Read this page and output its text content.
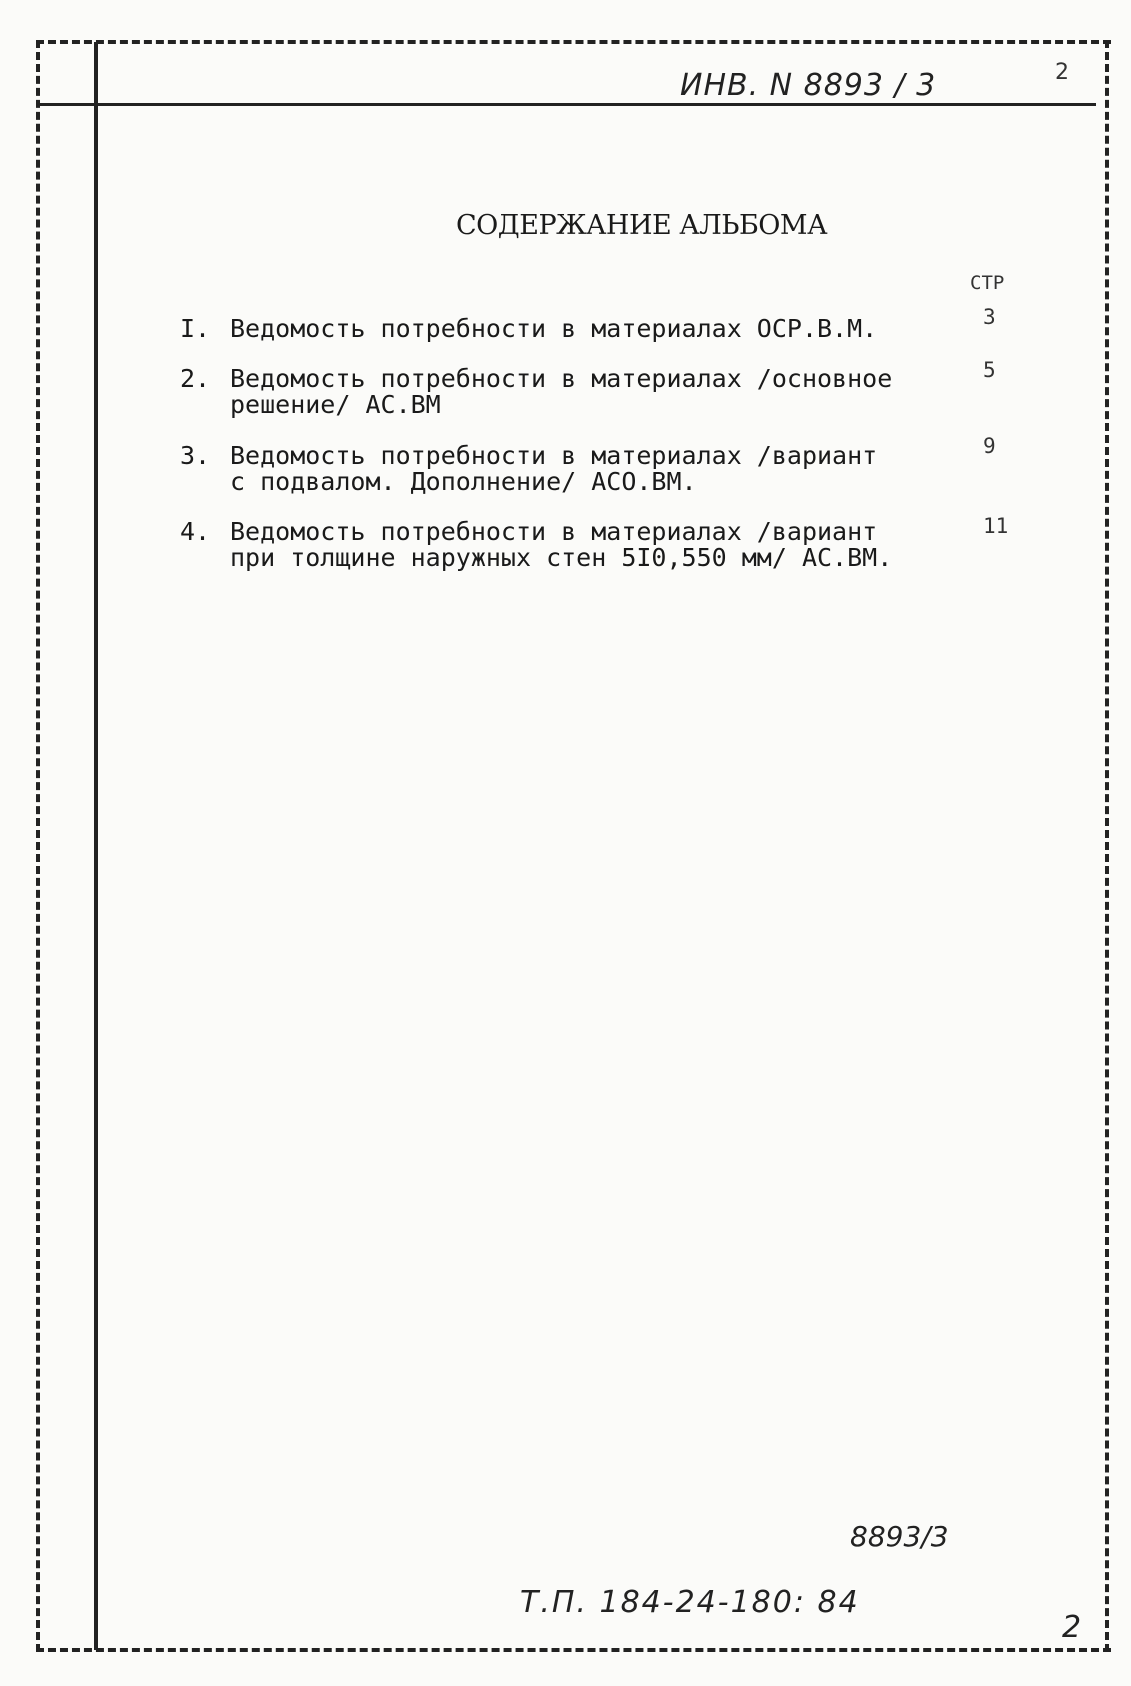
ИНВ. N 8893 / 3	2
СОДЕРЖАНИЕ АЛЬБОМА
СТР
I. Ведомость потребности в материалах ОСР.В.М.	3
2. Ведомость потребности в материалах /основное
решение/ АС.ВМ
5
3. Ведомость потребности в материалах /вариант
с подвалом. Дополнение/ АСО.ВМ.
9
4. Ведомость потребности в материалах /вариант
при толщине наружных стен 5I0,550 мм/ АС.ВМ.
11
8893/3
Т.П. 184-24-180: 84
2
